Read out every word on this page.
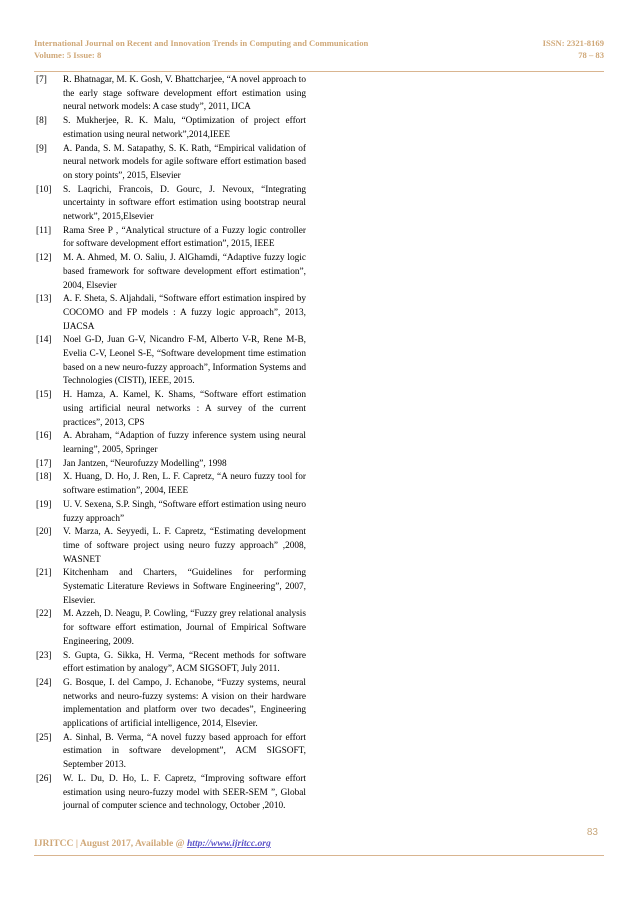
International Journal on Recent and Innovation Trends in Computing and Communication	ISSN: 2321-8169
Volume: 5 Issue: 8	78 – 83
[7]	R. Bhatnagar, M. K. Gosh, V. Bhattcharjee, “A novel approach to the early stage software development effort estimation using neural network models: A case study”, 2011, IJCA
[8]	S. Mukherjee, R. K. Malu, “Optimization of project effort estimation using neural network”,2014,IEEE
[9]	A. Panda, S. M. Satapathy, S. K. Rath, “Empirical validation of neural network models for agile software effort estimation based on story points”, 2015, Elsevier
[10]	S. Laqrichi, Francois, D. Gourc, J. Nevoux, “Integrating uncertainty in software effort estimation using bootstrap neural network”, 2015,Elsevier
[11]	Rama Sree P , “Analytical structure of a Fuzzy logic controller for software development effort estimation”, 2015, IEEE
[12]	M. A. Ahmed, M. O. Saliu, J. AlGhamdi, “Adaptive fuzzy logic based framework for software development effort estimation”, 2004, Elsevier
[13]	A. F. Sheta, S. Aljahdali, “Software effort estimation inspired by COCOMO and FP models : A fuzzy logic approach”, 2013, IJACSA
[14]	Noel G-D, Juan G-V, Nicandro F-M, Alberto V-R, Rene M-B, Evelia C-V, Leonel S-E, “Software development time estimation based on a new neuro-fuzzy approach”, Information Systems and Technologies (CISTI), IEEE, 2015.
[15]	H. Hamza, A. Kamel, K. Shams, “Software effort estimation using artificial neural networks : A survey of the current practices”, 2013, CPS
[16]	A. Abraham, “Adaption of fuzzy inference system using neural learning”, 2005, Springer
[17]	Jan Jantzen, “Neurofuzzy Modelling”, 1998
[18]	X. Huang, D. Ho, J. Ren, L. F. Capretz, “A neuro fuzzy tool for software estimation”, 2004, IEEE
[19]	U. V. Sexena, S.P. Singh, “Software effort estimation using neuro fuzzy approach”
[20]	V. Marza, A. Seyyedi, L. F. Capretz, “Estimating development time of software project using neuro fuzzy approach” ,2008, WASNET
[21]	Kitchenham and Charters, “Guidelines for performing Systematic Literature Reviews in Software Engineering”, 2007, Elsevier.
[22]	M. Azzeh, D. Neagu, P. Cowling, “Fuzzy grey relational analysis for software effort estimation, Journal of Empirical Software Engineering, 2009.
[23]	S. Gupta, G. Sikka, H. Verma, “Recent methods for software effort estimation by analogy”, ACM SIGSOFT, July 2011.
[24]	G. Bosque, I. del Campo, J. Echanobe, “Fuzzy systems, neural networks and neuro-fuzzy systems: A vision on their hardware implementation and platform over two decades”, Engineering applications of artificial intelligence, 2014, Elsevier.
[25]	A. Sinhal, B. Verma, “A novel fuzzy based approach for effort estimation in software development”, ACM SIGSOFT, September 2013.
[26]	W. L. Du, D. Ho, L. F. Capretz, “Improving software effort estimation using neuro-fuzzy model with SEER-SEM ”, Global journal of computer science and technology, October ,2010.
83
IJRITCC | August 2017, Available @ http://www.ijritcc.org
